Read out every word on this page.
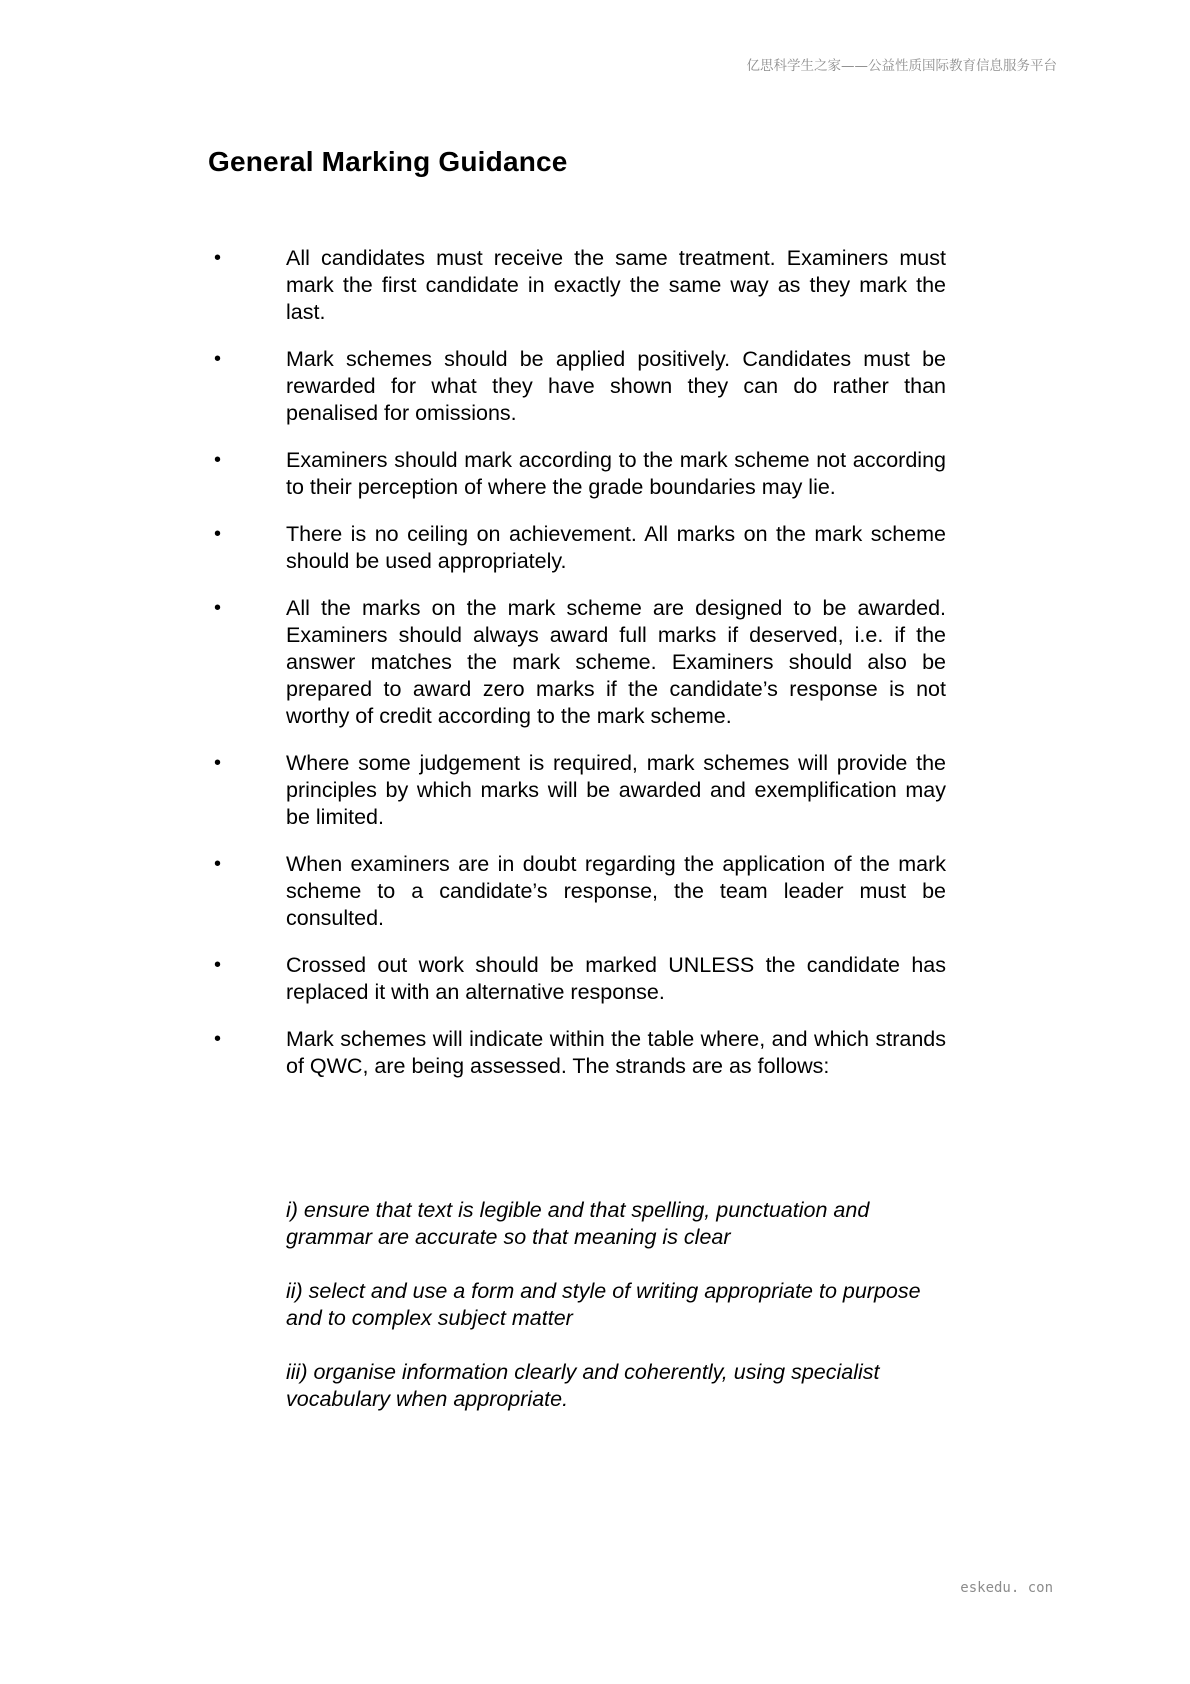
亿思科学生之家——公益性质国际教育信息服务平台
General Marking Guidance
•	All candidates must receive the same treatment. Examiners must mark the first candidate in exactly the same way as they mark the last.
•	Mark schemes should be applied positively. Candidates must be rewarded for what they have shown they can do rather than penalised for omissions.
•	Examiners should mark according to the mark scheme not according to their perception of where the grade boundaries may lie.
•	There is no ceiling on achievement. All marks on the mark scheme should be used appropriately.
•	All the marks on the mark scheme are designed to be awarded. Examiners should always award full marks if deserved, i.e. if the answer matches the mark scheme. Examiners should also be prepared to award zero marks if the candidate’s response is not worthy of credit according to the mark scheme.
•	Where some judgement is required, mark schemes will provide the principles by which marks will be awarded and exemplification may be limited.
•	When examiners are in doubt regarding the application of the mark scheme to a candidate’s response, the team leader must be consulted.
•	Crossed out work should be marked UNLESS the candidate has replaced it with an alternative response.
•	Mark schemes will indicate within the table where, and which strands of QWC, are being assessed. The strands are as follows:

i) ensure that text is legible and that spelling, punctuation and grammar are accurate so that meaning is clear

ii) select and use a form and style of writing appropriate to purpose and to complex subject matter

iii) organise information clearly and coherently, using specialist vocabulary when appropriate.

eskedu. con
